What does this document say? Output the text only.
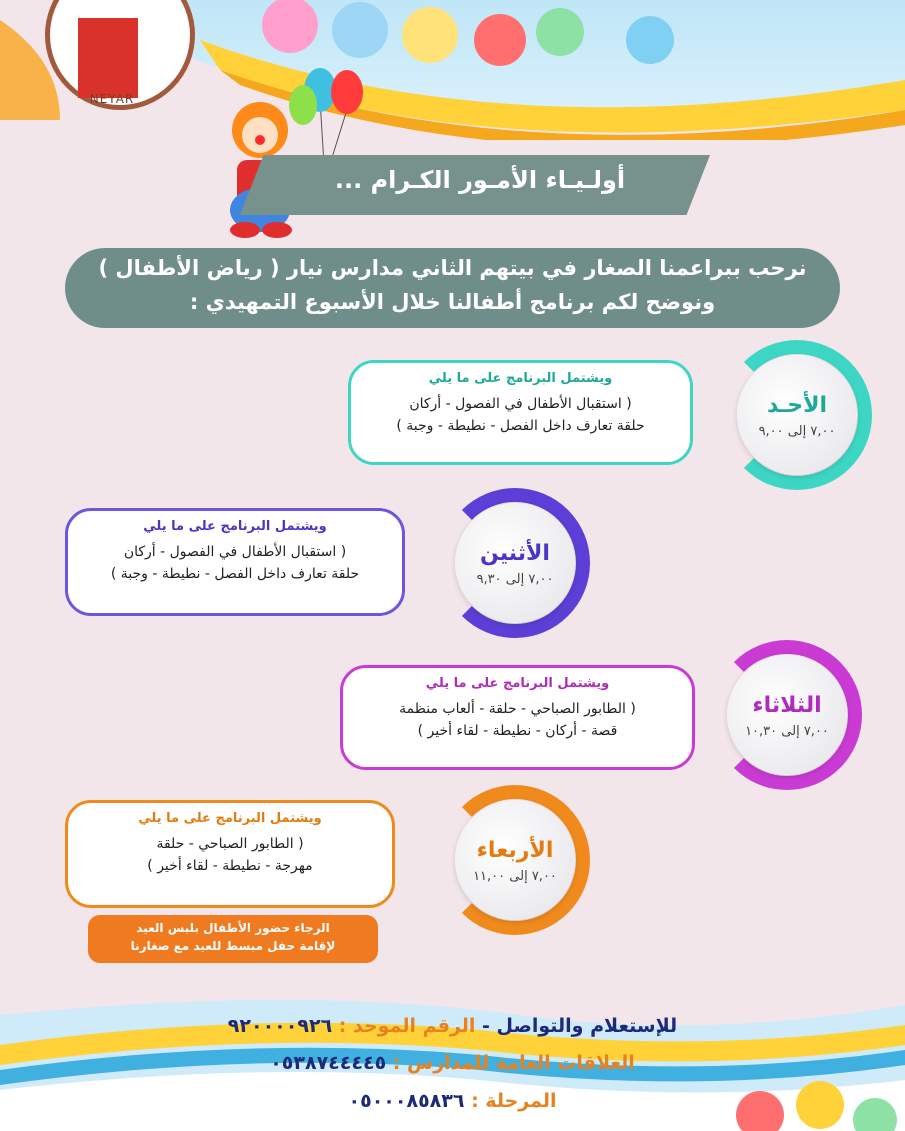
NEYAR
أولـيـاء الأمـور الكـرام ...
نرحب ببراعمنا الصغار في بيتهم الثاني مدارس نيار ( رياض الأطفال )
ونوضح لكم برنامج أطفالنا خلال الأسبوع التمهيدي :
ويشتمل البرنامج على ما يلي
( استقبال الأطفال في الفصول - أركان
حلقة تعارف داخل الفصل - نطيطة - وجبة )
الأحـد
٧,٠٠ إلى ٩,٠٠
ويشتمل البرنامج على ما يلي
( استقبال الأطفال في الفصول - أركان
حلقة تعارف داخل الفصل - نطيطة - وجبة )
الأثنين
٧,٠٠ إلى ٩,٣٠
ويشتمل البرنامج على ما يلي
( الطابور الصباحي - حلقة - ألعاب منظمة
قصة - أركان - نطيطة - لقاء أخير )
الثلاثاء
٧,٠٠ إلى ١٠,٣٠
ويشتمل البرنامج على ما يلي
( الطابور الصباحي - حلقة
مهرجة - نطيطة - لقاء أخير )
الأربعاء
٧,٠٠ إلى ١١,٠٠
الرجاء حضور الأطفال بلبس العيد
لإقامة حفل مبسط للعيد مع صغارنا
للإستعلام والتواصل - الرقم الموحد : ٩٢٠٠٠٠٩٢٦
العلاقات العامة للمدارس : ٠٥٣٨٧٤٤٤٤٥
المرحلة : ٠٥٠٠٠٨٥٨٣٦
